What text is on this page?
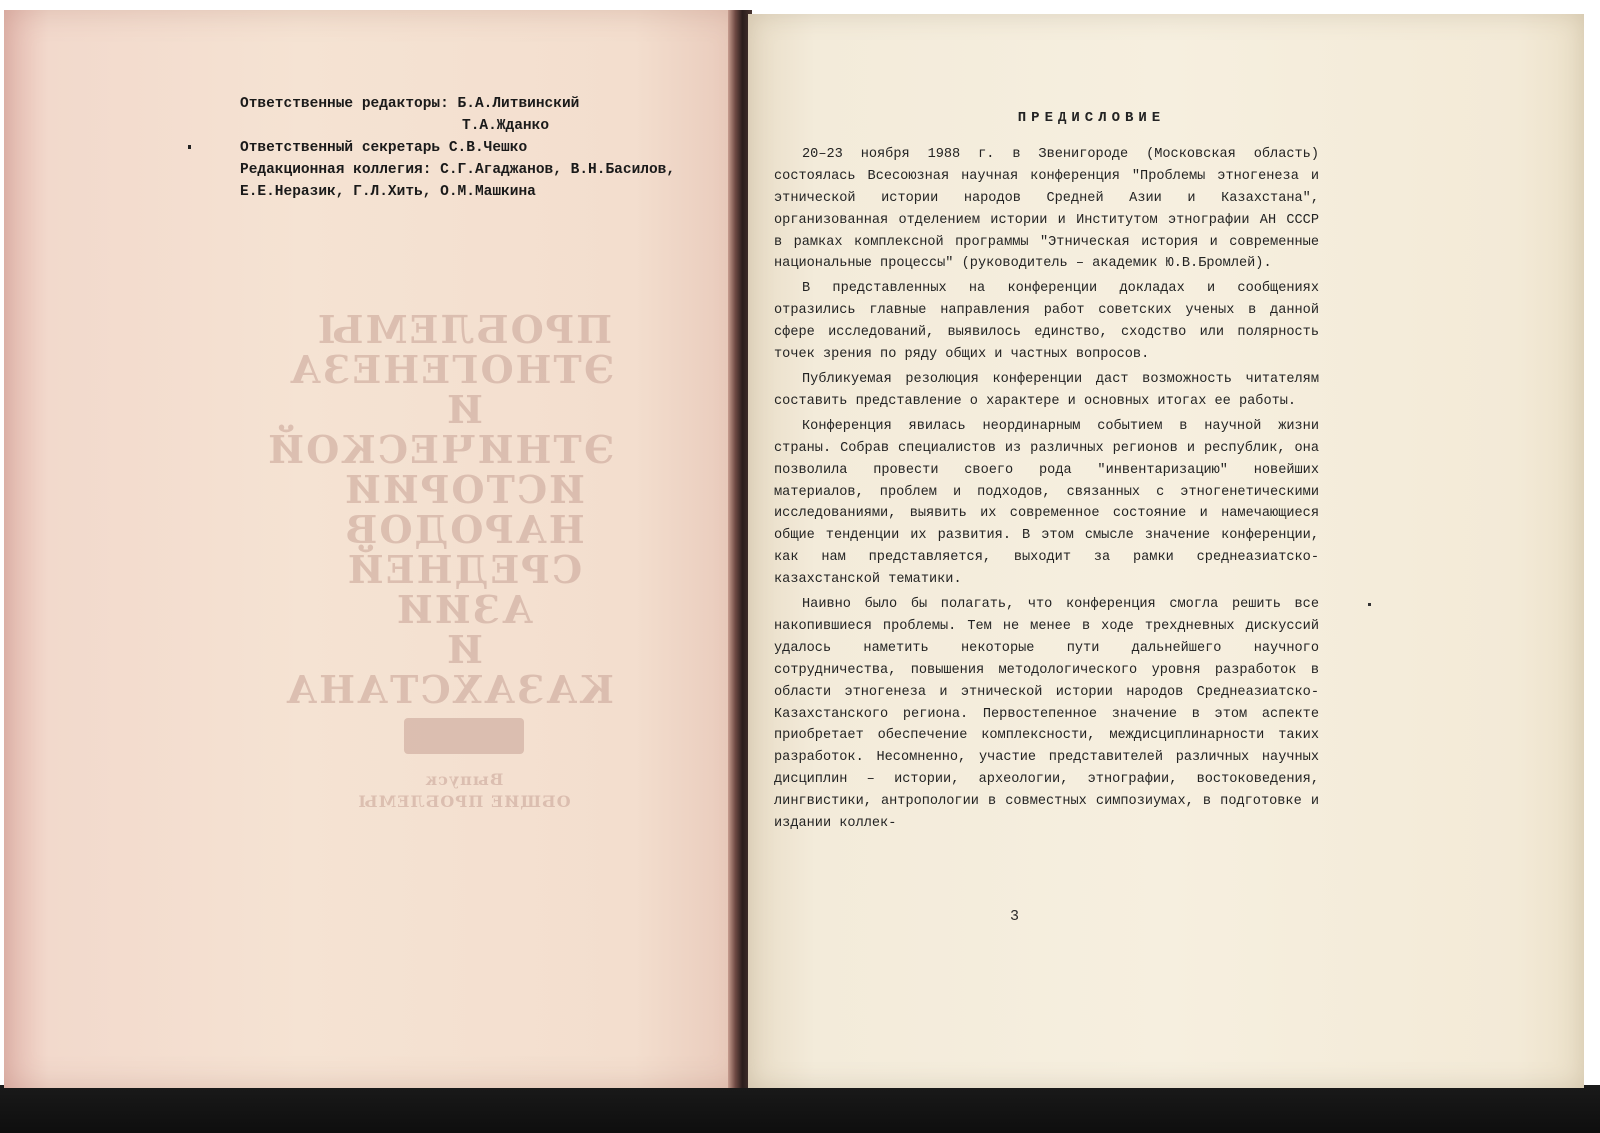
ПРОБЛЕМЫ
ЭТНОГЕНЕЗА
И ЭТНИЧЕСКОЙ
ИСТОРИИ
НАРОДОВ
СРЕДНЕЙ АЗИИ
И КАЗАХСТАНА
Выпуск
ОБЩИЕ ПРОБЛЕМЫ
Ответственные редакторы: Б.А.Литвинский
Т.А.Жданко
Ответственный секретарь С.В.Чешко
Редакционная коллегия: С.Г.Агаджанов, В.Н.Басилов,
Е.Е.Неразик, Г.Л.Хить, О.М.Машкина
ПРЕДИСЛОВИЕ

20–23 ноября 1988 г. в Звенигороде (Московская область) состоялась Всесоюзная научная конференция "Проблемы этногенеза и этнической истории народов Средней Азии и Казахстана", организованная отделением истории и Институтом этнографии АН СССР в рамках комплексной программы "Этническая история и современные национальные процессы" (руководитель – академик Ю.В.Бромлей).

В представленных на конференции докладах и сообщениях отразились главные направления работ советских ученых в данной сфере исследований, выявилось единство, сходство или полярность точек зрения по ряду общих и частных вопросов.

Публикуемая резолюция конференции даст возможность читателям составить представление о характере и основных итогах ее работы.

Конференция явилась неординарным событием в научной жизни страны. Собрав специалистов из различных регионов и республик, она позволила провести своего рода "инвентаризацию" новейших материалов, проблем и подходов, связанных с этногенетическими исследованиями, выявить их современное состояние и намечающиеся общие тенденции их развития. В этом смысле значение конференции, как нам представляется, выходит за рамки среднеазиатско-казахстанской тематики.

Наивно было бы полагать, что конференция смогла решить все накопившиеся проблемы. Тем не менее в ходе трехдневных дискуссий удалось наметить некоторые пути дальнейшего научного сотрудничества, повышения методологического уровня разработок в области этногенеза и этнической истории народов Среднеазиатско-Казахстанского региона. Первостепенное значение в этом аспекте приобретает обеспечение комплексности, междисциплинарности таких разработок. Несомненно, участие представителей различных научных дисциплин – истории, археологии, этнографии, востоковедения, лингвистики, антропологии в совместных симпозиумах, в подготовке и издании коллек-

3
